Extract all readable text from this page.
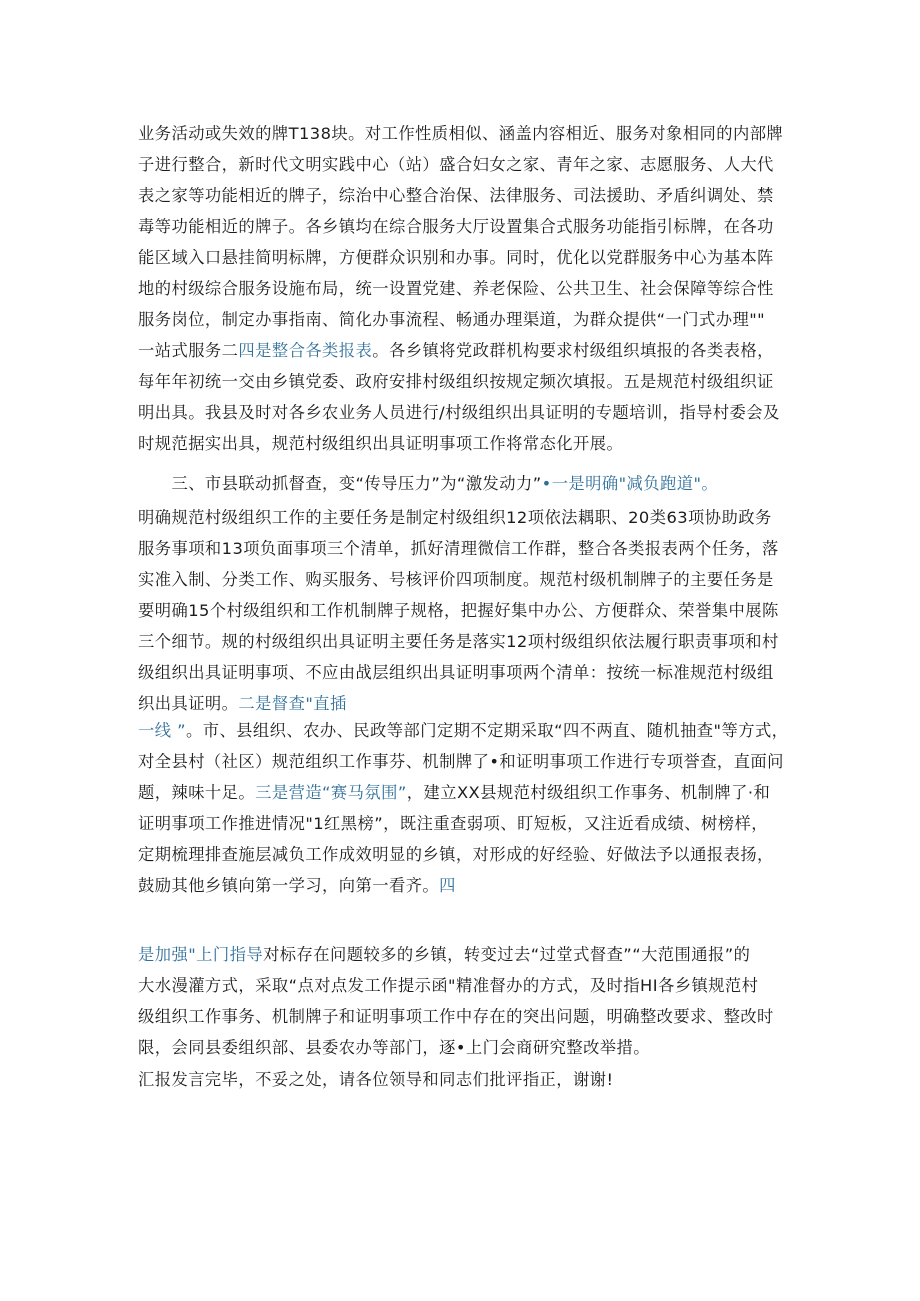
业务活动或失效的牌T138块。对工作性质相似、涵盖内容相近、服务对象相同的内部牌
子进行整合，新时代文明实践中心（站）盛合妇女之家、青年之家、志愿服务、人大代
表之家等功能相近的牌子，综治中心整合治保、法律服务、司法援助、矛盾纠调处、禁
毒等功能相近的牌子。各乡镇均在综合服务大厅设置集合式服务功能指引标牌，在各功
能区域入口悬挂简明标牌，方便群众识别和办事。同时，优化以党群服务中心为基本阵
地的村级综合服务设施布局，统一设置党建、养老保险、公共卫生、社会保障等综合性
服务岗位，制定办事指南、简化办事流程、畅通办理渠道，为群众提供“一门式办理""
一站式服务二四是整合各类报表。各乡镇将党政群机构要求村级组织填报的各类表格，
每年年初统一交由乡镇党委、政府安排村级组织按规定频次填报。五是规范村级组织证
明出具。我县及时对各乡农业务人员进行/村级组织出具证明的专题培训，指导村委会及
时规范据实出具，规范村级组织出具证明事项工作将常态化开展。
　　三、市县联动抓督查，变“传导压力”为“激发动力”•一是明确"减负跑道"。
明确规范村级组织工作的主要任务是制定村级组织12项依法耦职、20类63项协助政务
服务事项和13项负面事项三个清单，抓好清理微信工作群，整合各类报表两个任务，落
实准入制、分类工作、购买服务、号核评价四项制度。规范村级机制牌子的主要任务是
要明确15个村级组织和工作机制牌子规格，把握好集中办公、方便群众、荣誉集中展陈
三个细节。规的村级组织出具证明主要任务是落实12项村级组织依法履行职责事项和村
级组织出具证明事项、不应由战层组织出具证明事项两个清单：按统一标准规范村级组
织出具证明。二是督查"直插
一线 ”。市、县组织、农办、民政等部门定期不定期采取“四不两直、随机抽查"等方式，
对全县村（社区）规范组织工作事芬、机制牌了•和证明事项工作进行专项誉查，直面问
题，辣味十足。三是营造“赛马氛围”，建立XX县规范村级组织工作事务、机制牌了·和
证明事项工作推进情况"1红黑榜”，既注重查弱项、盯短板，又注近看成绩、树榜样，
定期梳理排查施层减负工作成效明显的乡镇，对形成的好经验、好做法予以通报表扬，
鼓励其他乡镇向第一学习，向第一看齐。四
是加强"上门指导对标存在问题较多的乡镇，转变过去“过堂式督查”“大范围通报”的
大水漫灌方式，采取“点对点发工作提示函"精准督办的方式，及时指HI各乡镇规范村
级组织工作事务、机制牌子和证明事项工作中存在的突出问题，明确整改要求、整改时
限，会同县委组织部、县委农办等部门，逐•上门会商研究整改举措。
汇报发言完毕，不妥之处，请各位领导和同志们批评指正，谢谢!
